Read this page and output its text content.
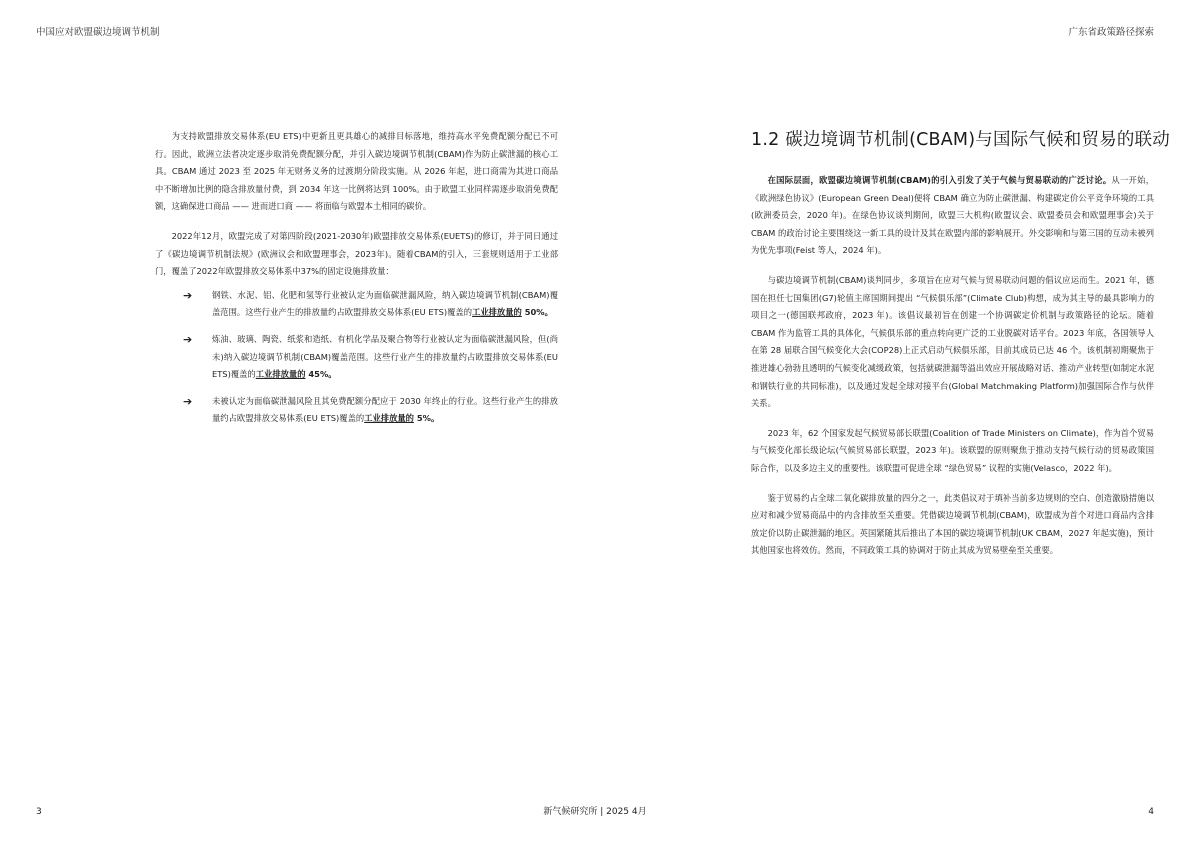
中国应对欧盟碳边境调节机制	广东省政策路径探索

为支持欧盟排放交易体系(EU ETS)中更新且更具雄心的减排目标落地，维持高水平免费配额分配已不可行。因此，欧洲立法者决定逐步取消免费配额分配，并引入碳边境调节机制(CBAM)作为防止碳泄漏的核心工具。CBAM 通过 2023 至 2025 年无财务义务的过渡期分阶段实施。从 2026 年起，进口商需为其进口商品中不断增加比例的隐含排放量付费，到 2034 年这一比例将达到 100%。由于欧盟工业同样需逐步取消免费配额，这确保进口商品 —— 进而进口商 —— 将面临与欧盟本土相同的碳价。

2022年12月，欧盟完成了对第四阶段(2021-2030年)欧盟排放交易体系(EUETS)的修订，并于同日通过了《碳边境调节机制法规》(欧洲议会和欧盟理事会，2023年)。随着CBAM的引入，三套规则适用于工业部门，覆盖了2022年欧盟排放交易体系中37%的固定设施排放量：

➔ 钢铁、水泥、铝、化肥和氢等行业被认定为面临碳泄漏风险，纳入碳边境调节机制(CBAM)覆盖范围。这些行业产生的排放量约占欧盟排放交易体系(EU ETS)覆盖的工业排放量的 50%。
➔ 炼油、玻璃、陶瓷、纸浆和造纸、有机化学品及聚合物等行业被认定为面临碳泄漏风险，但(尚未)纳入碳边境调节机制(CBAM)覆盖范围。这些行业产生的排放量约占欧盟排放交易体系(EU ETS)覆盖的工业排放量的 45%。
➔ 未被认定为面临碳泄漏风险且其免费配额分配应于 2030 年终止的行业。这些行业产生的排放量约占欧盟排放交易体系(EU ETS)覆盖的工业排放量的 5%。
1.2 碳边境调节机制(CBAM)与国际气候和贸易的联动

在国际层面，欧盟碳边境调节机制(CBAM)的引入引发了关于气候与贸易联动的广泛讨论。从一开始，《欧洲绿色协议》(European Green Deal)便将 CBAM 确立为防止碳泄漏、构建碳定价公平竞争环境的工具(欧洲委员会，2020 年)。在绿色协议谈判期间，欧盟三大机构(欧盟议会、欧盟委员会和欧盟理事会)关于 CBAM 的政治讨论主要围绕这一新工具的设计及其在欧盟内部的影响展开。外交影响和与第三国的互动未被列为优先事项(Feist 等人，2024 年)。

与碳边境调节机制(CBAM)谈判同步，多项旨在应对气候与贸易联动问题的倡议应运而生。2021 年，德国在担任七国集团(G7)轮值主席国期间提出 “气候俱乐部”(Climate Club)构想，成为其主导的最具影响力的项目之一(德国联邦政府，2023 年)。该倡议最初旨在创建一个协调碳定价机制与政策路径的论坛。随着 CBAM 作为监管工具的具体化，气候俱乐部的重点转向更广泛的工业脱碳对话平台。2023 年底，各国领导人在第 28 届联合国气候变化大会(COP28)上正式启动气候俱乐部，目前其成员已达 46 个。该机制初期聚焦于推进雄心勃勃且透明的气候变化减缓政策，包括就碳泄漏等溢出效应开展战略对话、推动产业转型(如制定水泥和钢铁行业的共同标准)，以及通过发起全球对接平台(Global Matchmaking Platform)加强国际合作与伙伴关系。

2023 年，62 个国家发起气候贸易部长联盟(Coalition of Trade Ministers on Climate)，作为首个贸易与气候变化部长级论坛(气候贸易部长联盟，2023 年)。该联盟的原则聚焦于推动支持气候行动的贸易政策国际合作，以及多边主义的重要性。该联盟可促进全球 “绿色贸易” 议程的实施(Velasco，2022 年)。

鉴于贸易约占全球二氧化碳排放量的四分之一，此类倡议对于填补当前多边规则的空白、创造激励措施以应对和减少贸易商品中的内含排放至关重要。凭借碳边境调节机制(CBAM)，欧盟成为首个对进口商品内含排放定价以防止碳泄漏的地区。英国紧随其后推出了本国的碳边境调节机制(UK CBAM，2027 年起实施)，预计其他国家也将效仿。然而，不同政策工具的协调对于防止其成为贸易壁垒至关重要。

3	新气候研究所 | 2025 4月	4
